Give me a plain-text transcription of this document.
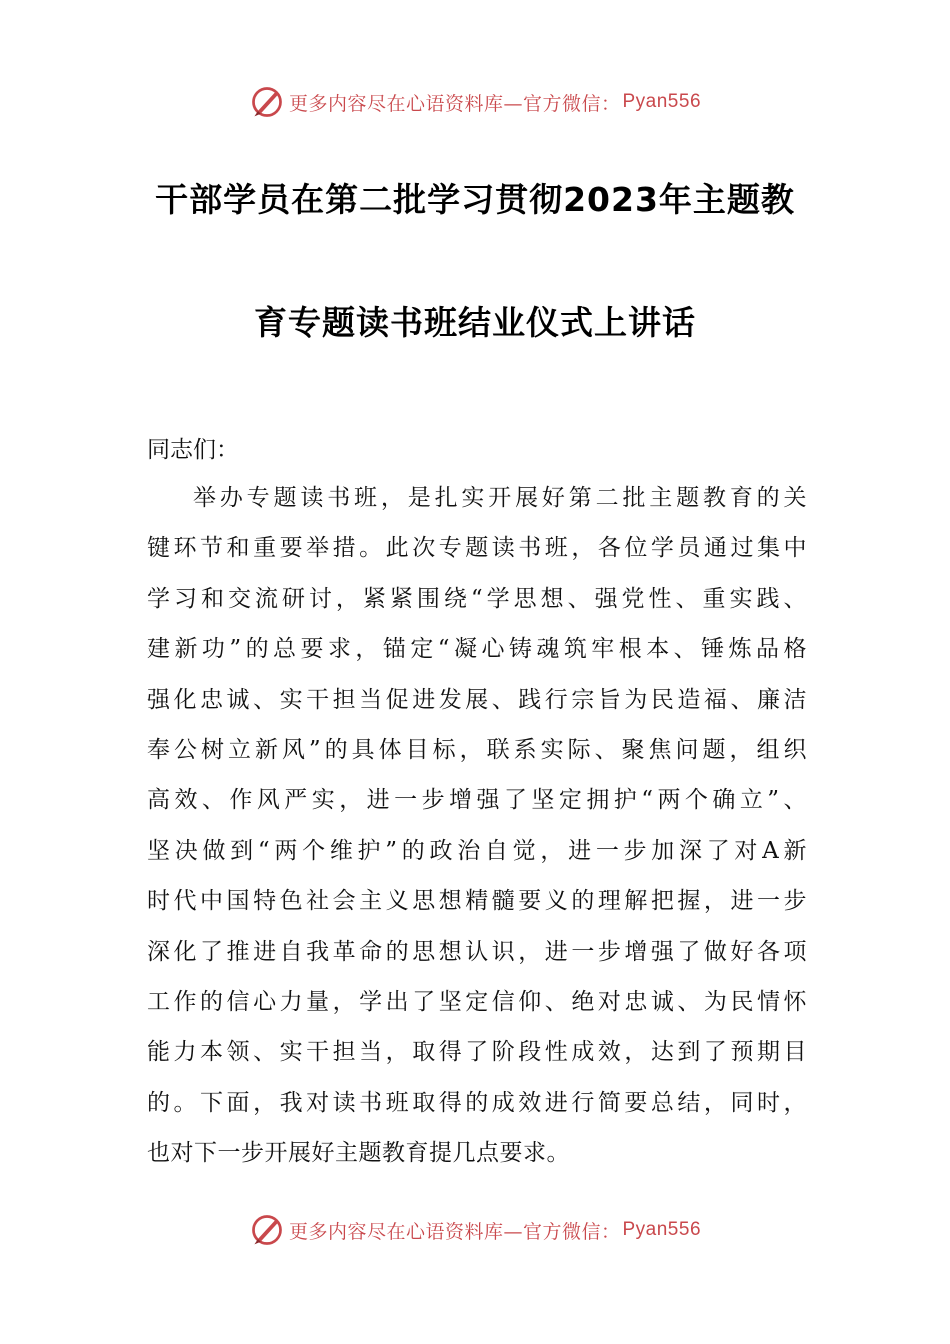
更多内容尽在心语资料库—官方微信： Pyan556
干部学员在第二批学习贯彻2023年主题教
育专题读书班结业仪式上讲话
同志们：
举办专题读书班，是扎实开展好第二批主题教育的关
键环节和重要举措。此次专题读书班，各位学员通过集中
学习和交流研讨，紧紧围绕“学思想、强党性、重实践、
建新功”的总要求，锚定“凝心铸魂筑牢根本、锤炼品格
强化忠诚、实干担当促进发展、践行宗旨为民造福、廉洁
奉公树立新风”的具体目标，联系实际、聚焦问题，组织
高效、作风严实，进一步增强了坚定拥护“两个确立”、
坚决做到“两个维护”的政治自觉，进一步加深了对A新
时代中国特色社会主义思想精髓要义的理解把握，进一步
深化了推进自我革命的思想认识，进一步增强了做好各项
工作的信心力量，学出了坚定信仰、绝对忠诚、为民情怀
能力本领、实干担当，取得了阶段性成效，达到了预期目
的。下面，我对读书班取得的成效进行简要总结，同时，
也对下一步开展好主题教育提几点要求。
更多内容尽在心语资料库—官方微信： Pyan556
